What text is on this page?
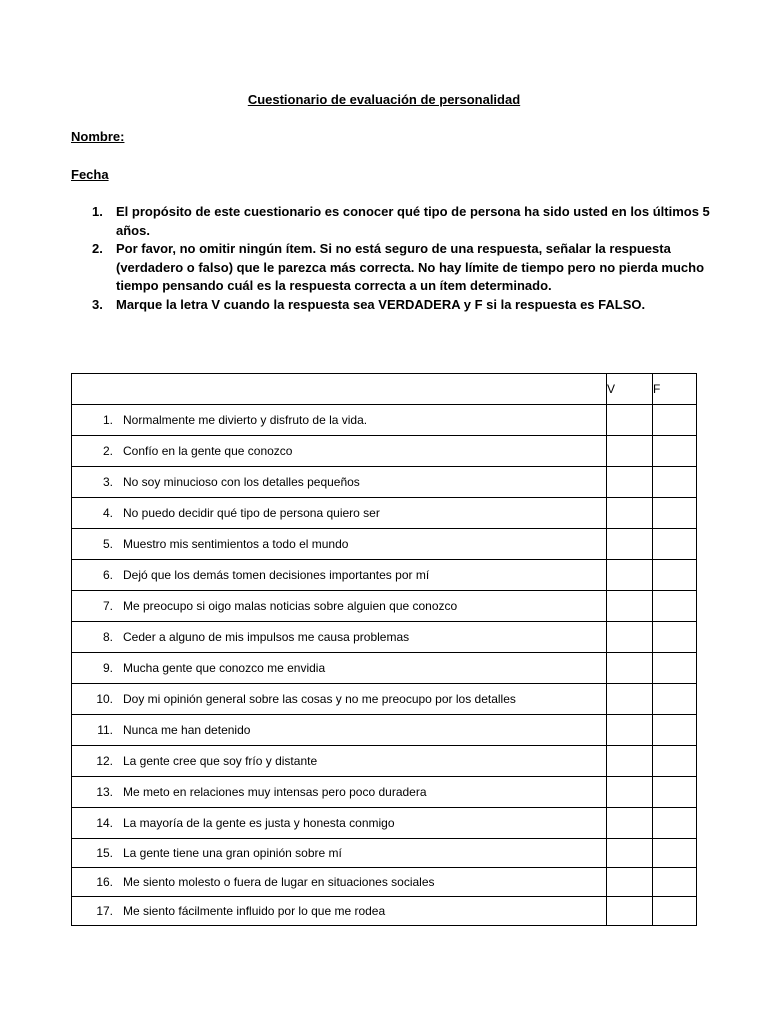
Cuestionario de evaluación de personalidad
Nombre:
Fecha
1. El propósito de este cuestionario es conocer qué tipo de persona ha sido usted en los últimos 5 años.
2. Por favor, no omitir ningún ítem. Si no está seguro de una respuesta, señalar la respuesta (verdadero o falso) que le parezca más correcta. No hay límite de tiempo pero no pierda mucho tiempo pensando cuál es la respuesta correcta a un ítem determinado.
3. Marque la letra V cuando la respuesta sea VERDADERA y F si la respuesta es FALSO.
	V	F

1. Normalmente me divierto y disfruto de la vida.		

2. Confío en la gente que conozco		

3. No soy minucioso con los detalles pequeños		

4. No puedo decidir qué tipo de persona quiero ser		

5. Muestro mis sentimientos a todo el mundo		

6. Dejó que los demás tomen decisiones importantes por mí		

7. Me preocupo si oigo malas noticias sobre alguien que conozco		

8. Ceder a alguno de mis impulsos me causa problemas		

9. Mucha gente que conozco me envidia		

10. Doy mi opinión general sobre las cosas y no me preocupo por los detalles		

11. Nunca me han detenido		

12. La gente cree que soy frío y distante		

13. Me meto en relaciones muy intensas pero poco duradera		

14. La mayoría de la gente es justa y honesta conmigo		

15. La gente tiene una gran opinión sobre mí		

16. Me siento molesto o fuera de lugar en situaciones sociales		

17. Me siento fácilmente influido por lo que me rodea		
